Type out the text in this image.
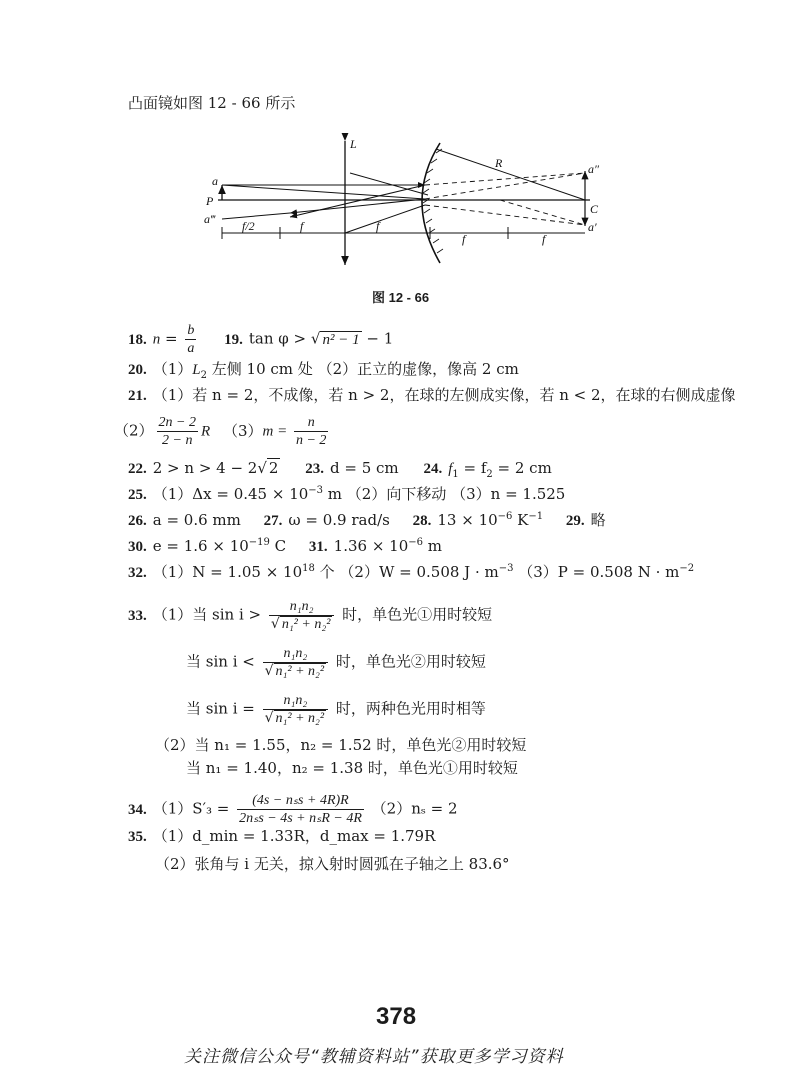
凸面镜如图 12 - 66 所示
L
R
a
P
a‴
a″
C
a′
f/2	f	f
f	f
图 12 - 66
18. $n = \frac{b}{a} 19$. tan φ > √ n² − 1 − 1
20. $(1)L_2$ 左侧 10 cm 处 （2）正立的虚像，像高 2 cm
21. （1）若 n = 2，不成像，若 n > 2，在球的左侧成实像，若 n < 2，在球的右侧成虚像
$(2) \frac{2n - 2}{2 - n}$ R $(3)m = \frac{n}{n - 2}$
22. 2 > n > 4 − 2√ 2 23. d = 5 cm 24. $f_1 = f_2 = 2$ cm
25. $(1)\Delta x = 0.45 \times 10^{-3}$ m （2）向下移动 （3）n = 1.525
26. a = 0.6 mm 27. ω = 0.9 rad/s 28. $13 \times 10^{-6}$ $K^{-1}$ 29. 略
30. $e = 1.6 \times 10^{-19}$ C 31. $1.36 \times 10^{-6}$ m
32. $(1)N = 1.05 \times 10^{18}$ 个 （2）W = 0.508 $J \cdot m^{-3}$ （3）P = 0.508 $N \cdot m^{-2}$
33. （1）当 $\sin i > \frac{\text{n₁n₂}}{\text{√ n₁² + n₂²}}$ 时，单色光①用时较短
当 $\sin i < \frac{\text{n₁n₂}}{\text{√ n₁² + n₂²}}$ 时，单色光②用时较短
当 $\sin i = \frac{\text{n₁n₂}}{\text{√ n₁² + n₂²}}$ 时，两种色光用时相等
（2）当 n₁ = 1.55，n₂ = 1.52 时，单色光②用时较短
当 n₁ = 1.40，n₂ = 1.38 时，单色光①用时较短
34. $(1)S'_3 = \frac{\text{(4s − nₛs + 4R)R}}{\text{2nₛs − 4s + nₛR − 4R}} (2)n_s = 2$
35. （1）d_min = 1.33R，d_max = 1.79R
（2）张角与 i 无关，掠入射时圆弧在子轴之上 83.6°
378
关注微信公众号“教辅资料站”获取更多学习资料
